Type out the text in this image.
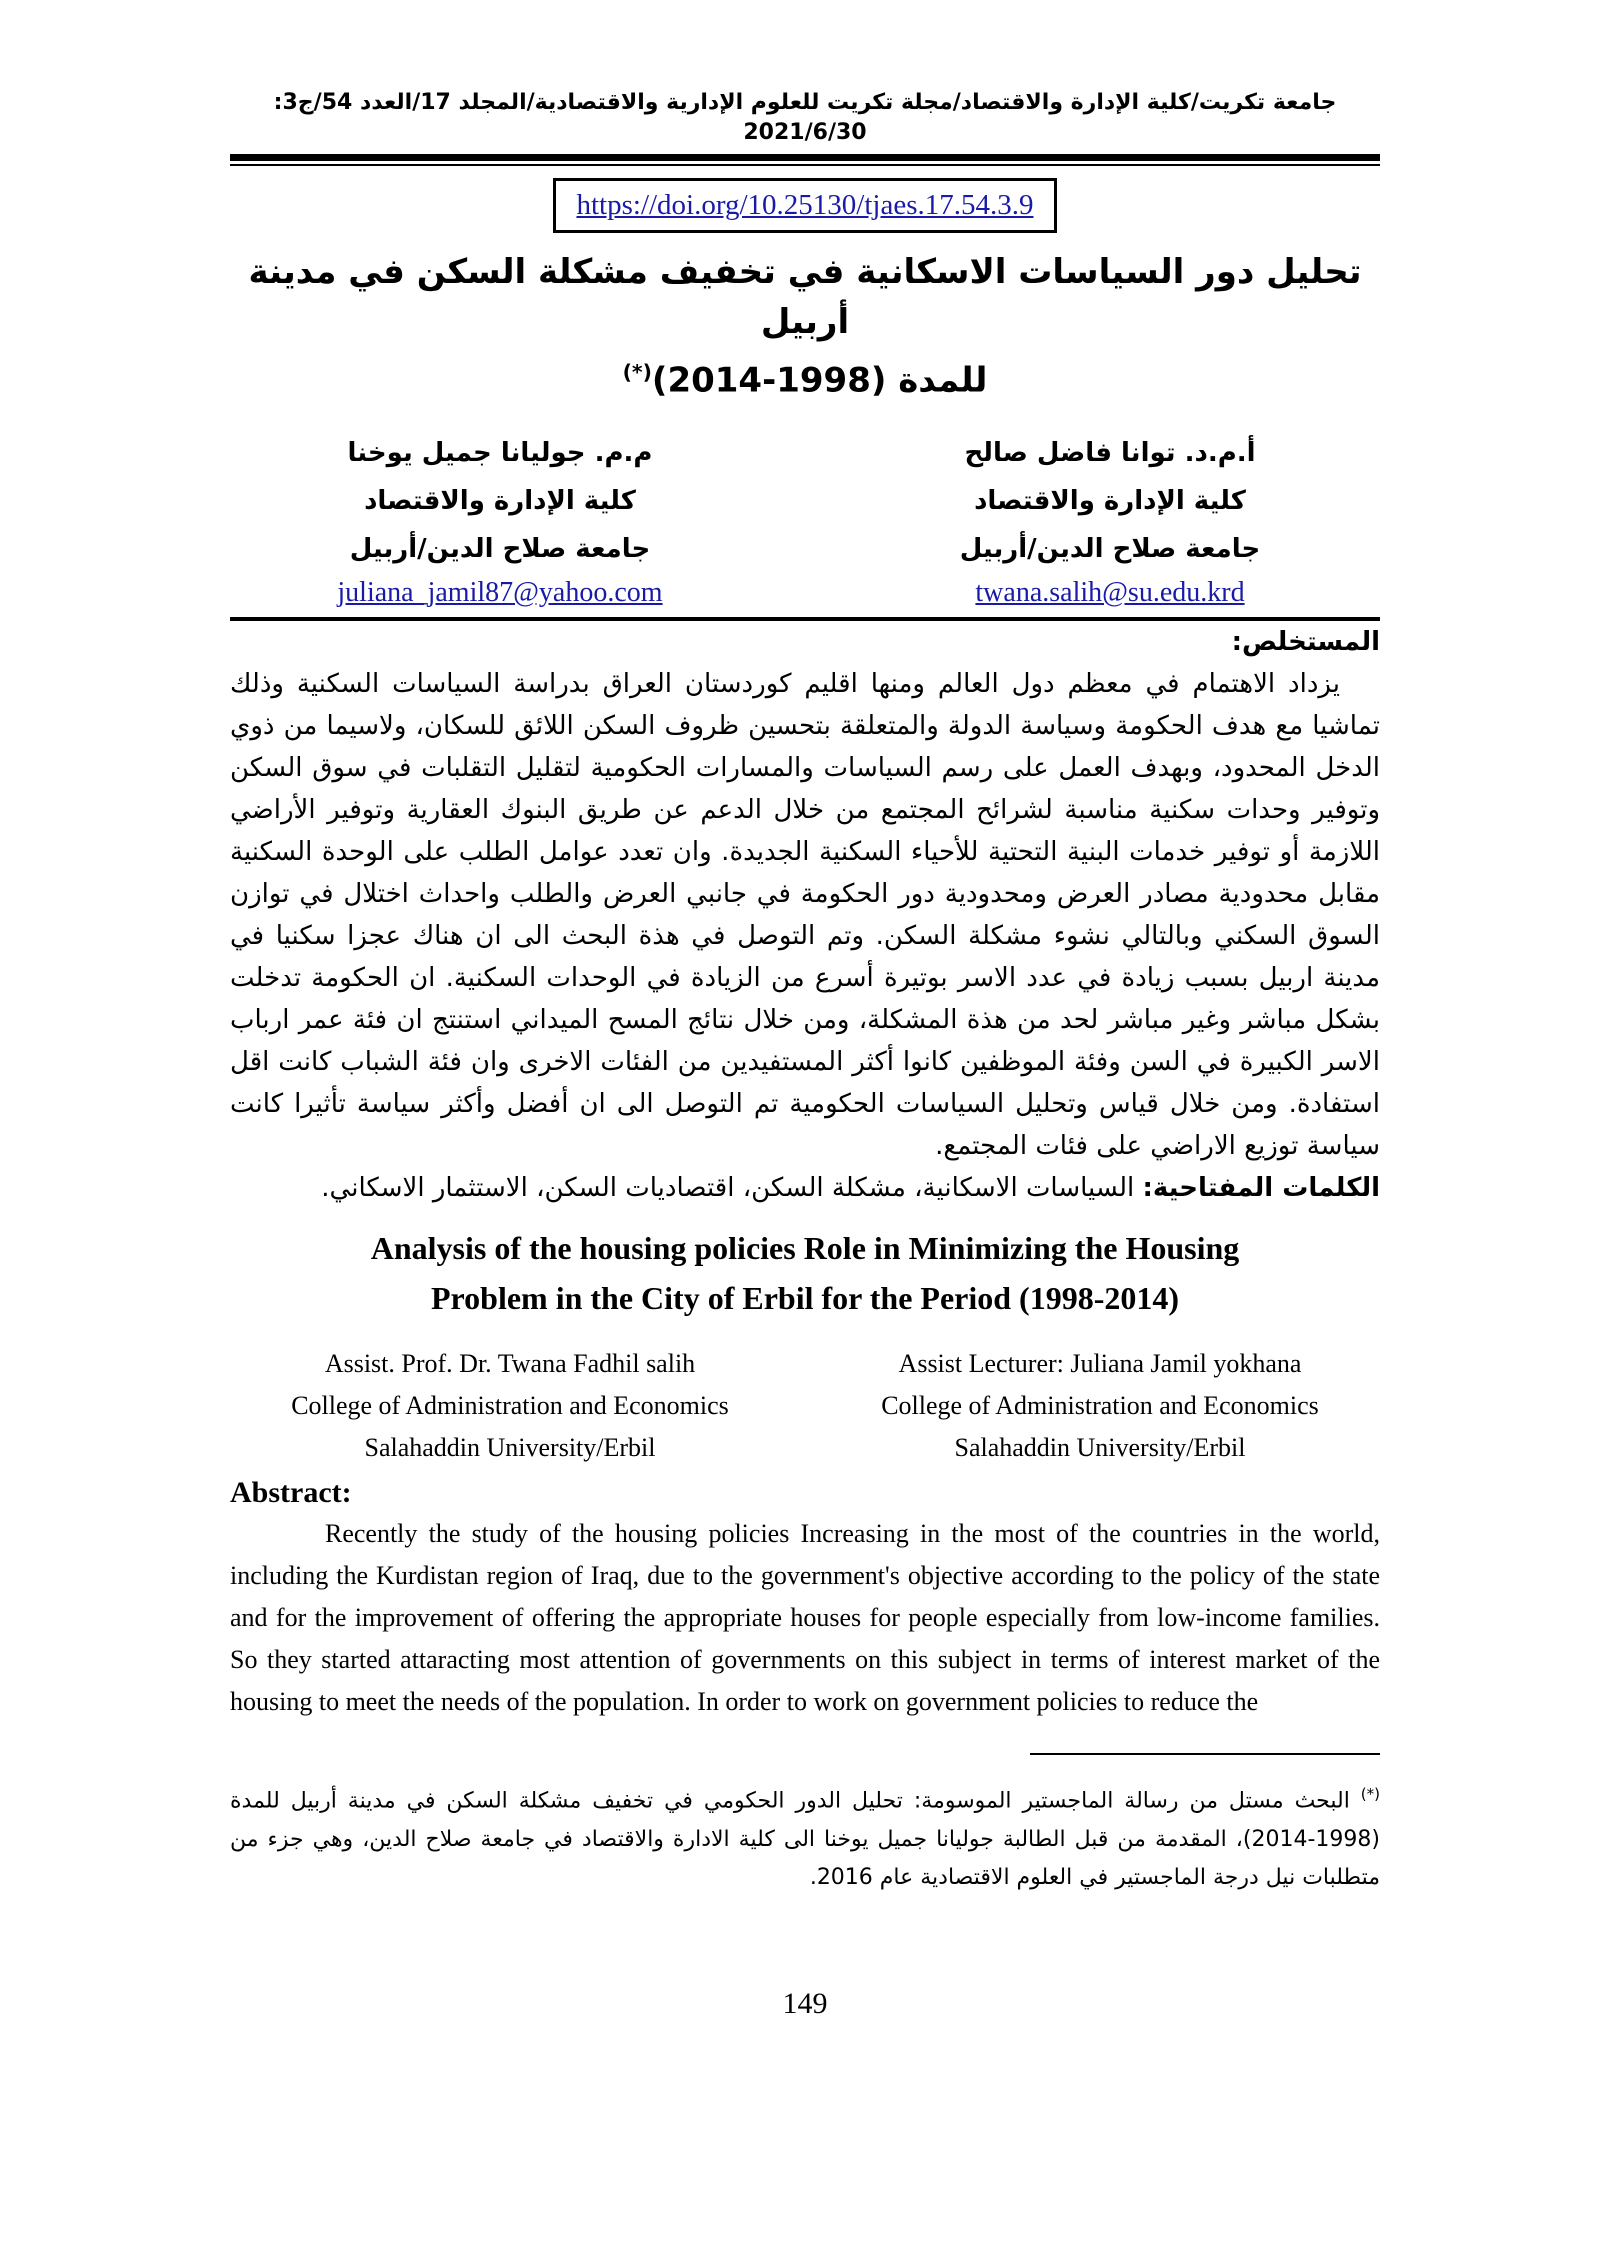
جامعة تكريت/كلية الإدارة والاقتصاد/مجلة تكريت للعلوم الإدارية والاقتصادية/المجلد 17/العدد 54/ج3: 2021/6/30
https://doi.org/10.25130/tjaes.17.54.3.9
تحليل دور السياسات الاسكانية في تخفيف مشكلة السكن في مدينة أربيل
للمدة (1998-2014)(*)
م.م. جوليانا جميل يوخنا
كلية الإدارة والاقتصاد
جامعة صلاح الدين/أربيل
juliana_jamil87@yahoo.com
أ.م.د. توانا فاضل صالح
كلية الإدارة والاقتصاد
جامعة صلاح الدين/أربيل
twana.salih@su.edu.krd
المستخلص:
يزداد الاهتمام في معظم دول العالم ومنها اقليم كوردستان العراق بدراسة السياسات السكنية وذلك تماشيا مع هدف الحكومة وسياسة الدولة والمتعلقة بتحسين ظروف السكن اللائق للسكان، ولاسيما من ذوي الدخل المحدود، وبهدف العمل على رسم السياسات والمسارات الحكومية لتقليل التقلبات في سوق السكن وتوفير وحدات سكنية مناسبة لشرائح المجتمع من خلال الدعم عن طريق البنوك العقارية وتوفير الأراضي اللازمة أو توفير خدمات البنية التحتية للأحياء السكنية الجديدة. وان تعدد عوامل الطلب على الوحدة السكنية مقابل محدودية مصادر العرض ومحدودية دور الحكومة في جانبي العرض والطلب واحداث اختلال في توازن السوق السكني وبالتالي نشوء مشكلة السكن. وتم التوصل في هذة البحث الى ان هناك عجزا سكنيا في مدينة اربيل بسبب زيادة في عدد الاسر بوتيرة أسرع من الزيادة في الوحدات السكنية. ان الحكومة تدخلت بشكل مباشر وغير مباشر لحد من هذة المشكلة، ومن خلال نتائج المسح الميداني استنتج ان فئة عمر ارباب الاسر الكبيرة في السن وفئة الموظفين كانوا أكثر المستفيدين من الفئات الاخرى وان فئة الشباب كانت اقل استفادة. ومن خلال قياس وتحليل السياسات الحكومية تم التوصل الى ان أفضل وأكثر سياسة تأثيرا كانت سياسة توزيع الاراضي على فئات المجتمع.
الكلمات المفتاحية: السياسات الاسكانية، مشكلة السكن، اقتصاديات السكن، الاستثمار الاسكاني.
Analysis of the housing policies Role in Minimizing the Housing
Problem in the City of Erbil for the Period (1998-2014)
Assist. Prof. Dr. Twana Fadhil salih
College of Administration and Economics
Salahaddin University/Erbil
Assist Lecturer: Juliana Jamil yokhana
College of Administration and Economics
Salahaddin University/Erbil
Abstract:
Recently the study of the housing policies Increasing in the most of the countries in the world, including the Kurdistan region of Iraq, due to the government's objective according to the policy of the state and for the improvement of offering the appropriate houses for people especially from low-income families. So they started attaracting most attention of governments on this subject in terms of interest market of the housing to meet the needs of the population. In order to work on government policies to reduce the
(*) البحث مستل من رسالة الماجستير الموسومة: تحليل الدور الحكومي في تخفيف مشكلة السكن في مدينة أربيل للمدة (1998-2014)، المقدمة من قبل الطالبة جوليانا جميل يوخنا الى كلية الادارة والاقتصاد في جامعة صلاح الدين، وهي جزء من متطلبات نيل درجة الماجستير في العلوم الاقتصادية عام 2016.
149
